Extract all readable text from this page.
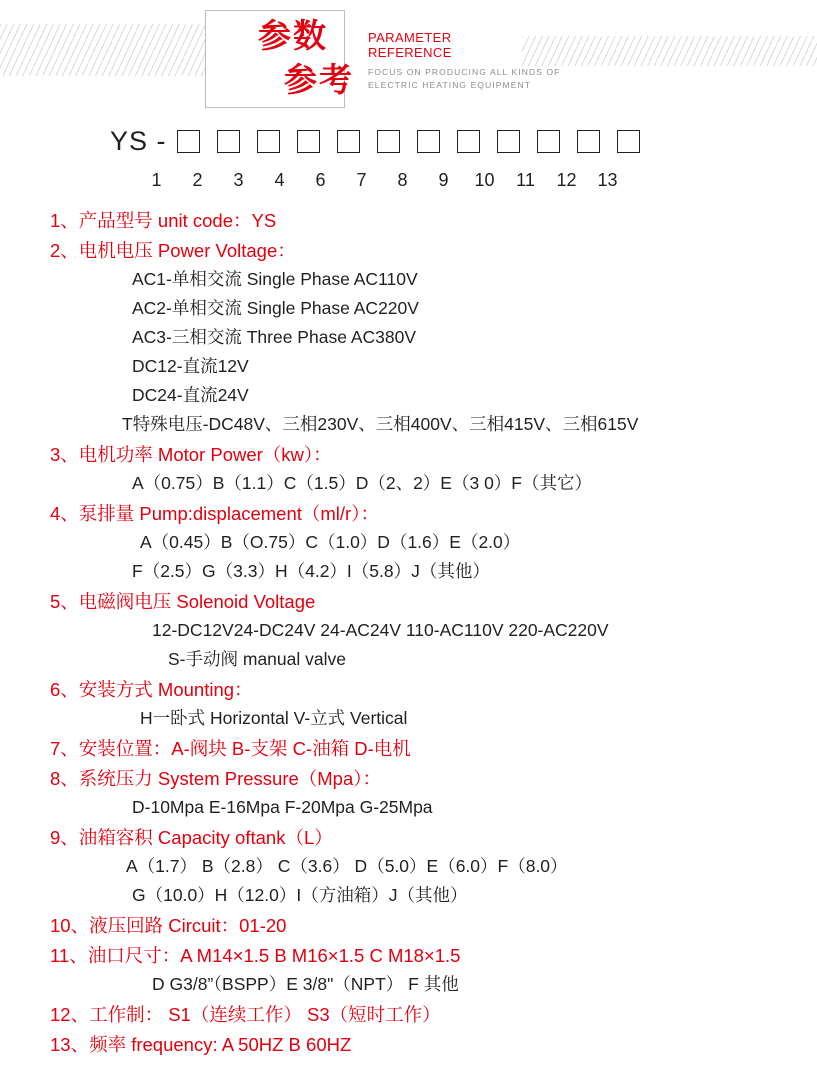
参数
参考
PARAMETER
REFERENCE
FOCUS ON PRODUCING ALL KINDS OF
ELECTRIC HEATING EQUIPMENT
YS -
1	2	3	4	6	7	8	9	10	11	12	13
1、产品型号 unit code：YS
2、电机电压 Power Voltage：
AC1-单相交流 Single Phase AC110V
AC2-单相交流 Single Phase AC220V
AC3-三相交流 Three Phase AC380V
DC12-直流12V
DC24-直流24V
T特殊电压-DC48V、三相230V、三相400V、三相415V、三相615V
3、电机功率 Motor Power（kw）：
A（0.75）B（1.1）C（1.5）D（2、2）E（3 0）F（其它）
4、泵排量 Pump:displacement（ml/r）：
A（0.45）B（O.75）C（1.0）D（1.6）E（2.0）
F（2.5）G（3.3）H（4.2）I（5.8）J（其他）
5、电磁阀电压 Solenoid Voltage
12-DC12V24-DC24V 24-AC24V 110-AC110V 220-AC220V
S-手动阀 manual valve
6、安装方式 Mounting：
H一卧式 Horizontal V-立式 Vertical
7、安装位置：A-阀块 B-支架 C-油箱 D-电机
8、系统压力 System Pressure（Mpa）：
D-10Mpa E-16Mpa F-20Mpa G-25Mpa
9、油箱容积 Capacity oftank（L）
A（1.7） B（2.8） C（3.6） D（5.0）E（6.0）F（8.0）
G（10.0）H（12.0）I（方油箱）J（其他）
10、液压回路 Circuit：01-20
11、油口尺寸：A M14×1.5 B M16×1.5 C M18×1.5
D G3/8”（BSPP）E 3/8"（NPT） F 其他
12、工作制： S1（连续工作） S3（短时工作）
13、频率 frequency: A 50HZ B 60HZ
